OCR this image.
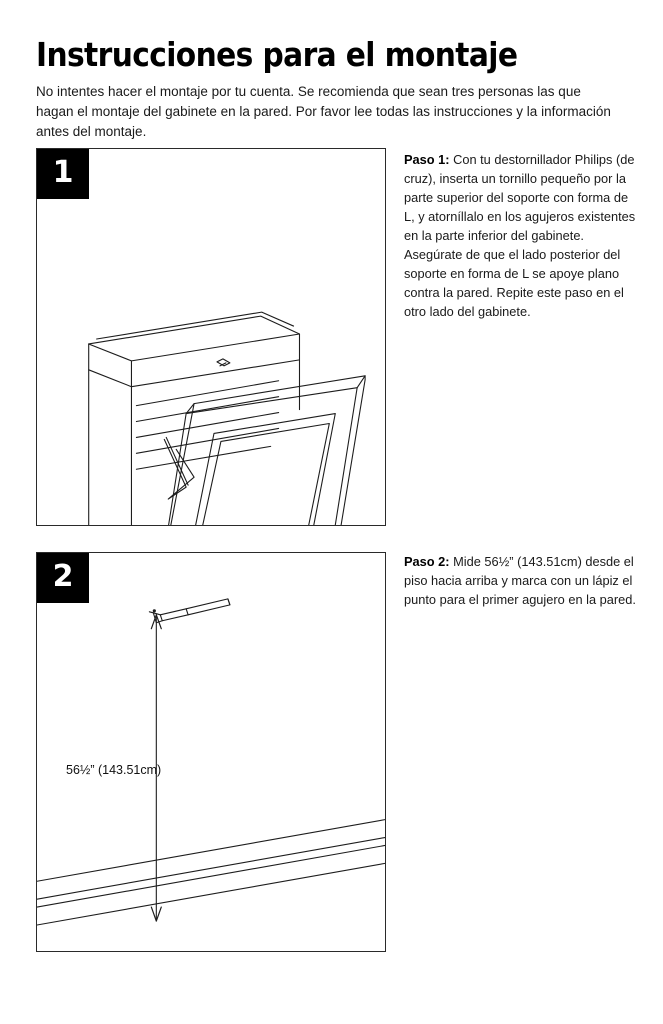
Instrucciones para el montaje
No intentes hacer el montaje por tu cuenta. Se recomienda que sean tres personas las que hagan el montaje del gabinete en la pared. Por favor lee todas las instrucciones y la información antes del montaje.
1
2
56½” (143.51cm)
Paso 1: Con tu destornillador Philips (de cruz), inserta un tornillo pequeño por la parte superior del soporte con forma de L, y atorníllalo en los agujeros existentes en la parte inferior del gabinete. Asegúrate de que el lado posterior del soporte en forma de L se apoye plano contra la pared. Repite este paso en el otro lado del gabinete.
Paso 2: Mide 56½” (143.51cm) desde el piso hacia arriba y marca con un lápiz el punto para el primer agujero en la pared.
